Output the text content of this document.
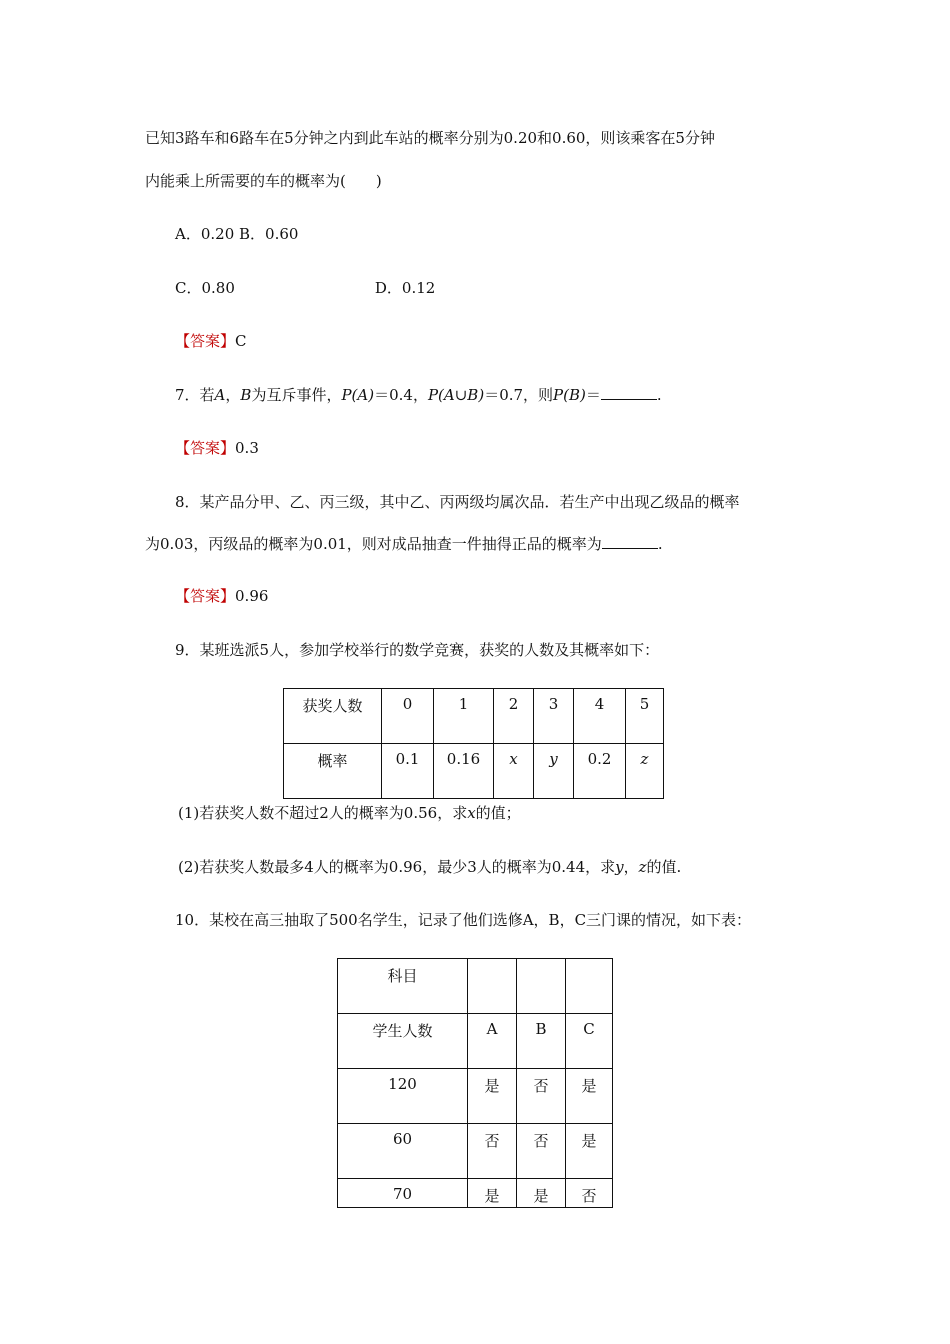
已知3路车和6路车在5分钟之内到此车站的概率分别为0.20和0.60，则该乘客在5分钟
内能乘上所需要的车的概率为(　　)
A．0.20 B．0.60
C．0.80	D．0.12
【答案】C
7．若A，B为互斥事件，P(A)＝0.4，P(A∪B)＝0.7，则P(B)＝	.
【答案】0.3
8．某产品分甲、乙、丙三级，其中乙、丙两级均属次品．若生产中出现乙级品的概率
为0.03，丙级品的概率为0.01，则对成品抽查一件抽得正品的概率为	.
【答案】0.96
9．某班选派5人，参加学校举行的数学竞赛，获奖的人数及其概率如下：
获奖人数	0	1	2	3	4	5
概率	0.1	0.16	x	y	0.2	z
(1)若获奖人数不超过2人的概率为0.56，求x的值；
(2)若获奖人数最多4人的概率为0.96，最少3人的概率为0.44，求y，z的值.
10．某校在高三抽取了500名学生，记录了他们选修A，B，C三门课的情况，如下表：
科目			
学生人数	A	B	C
120	是	否	是
60	否	否	是
70	是	是	否
